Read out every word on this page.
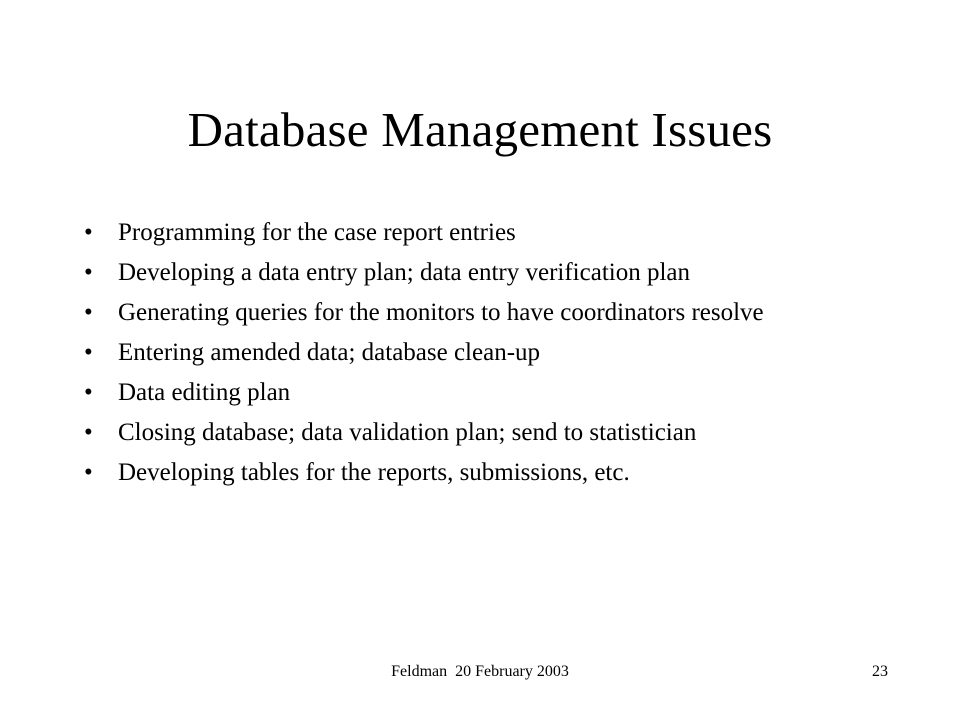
Database Management Issues
•	Programming for the case report entries
•	Developing a data entry plan; data entry verification plan
•	Generating queries for the monitors to have coordinators resolve
•	Entering amended data; database clean-up
•	Data editing plan
•	Closing database; data validation plan; send to statistician
•	Developing tables for the reports, submissions, etc.
Feldman  20 February 2003	23
